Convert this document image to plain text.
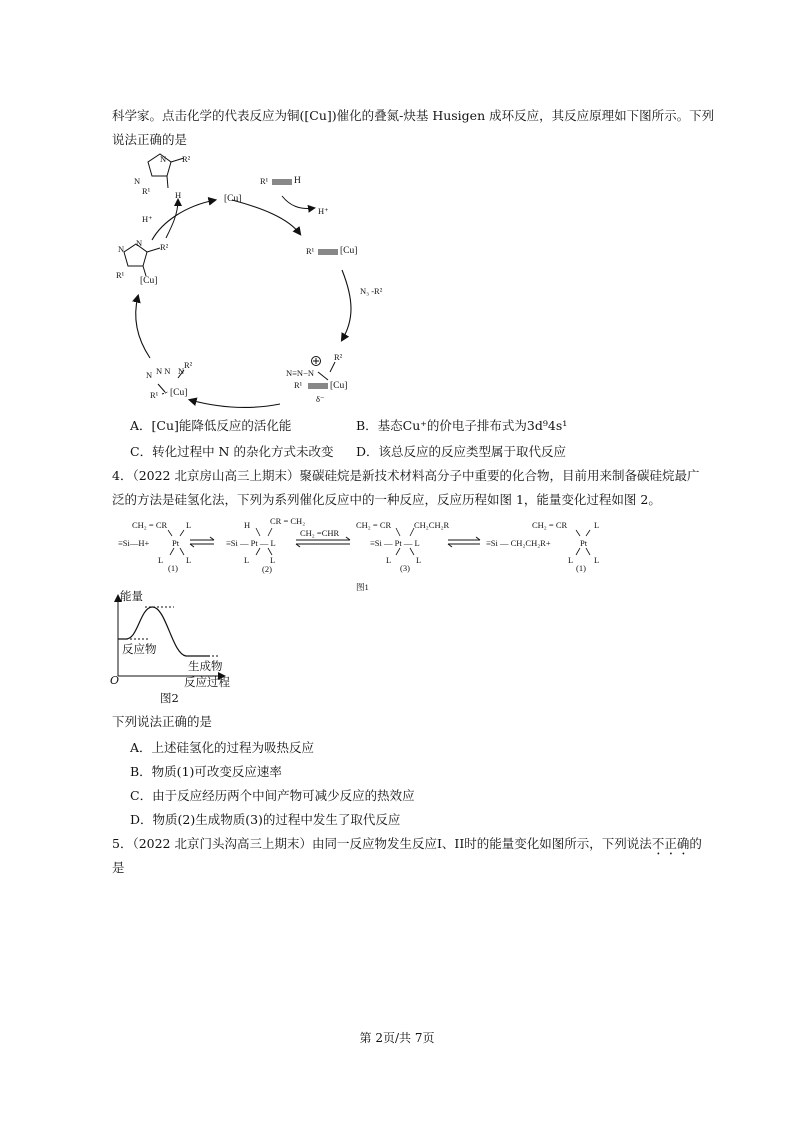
科学家。点击化学的代表反应为铜([Cu])催化的叠氮-炔基 Husigen 成环反应，其反应原理如下图所示。下列
说法正确的是
N
N
R²
R¹	H	[Cu]
R¹	H
H⁺
H⁺
R¹	[Cu]
N₃ -R²
N
N R²
R¹
[Cu]
N≡N−N
R²
R¹	[Cu]
δ⁻
N N N N
R²
R¹ [Cu]
A．[Cu]能降低反应的活化能	B．基态Cu⁺的价电子排布式为3d⁹4s¹
C．转化过程中 N 的杂化方式未改变 D．该总反应的反应类型属于取代反应
4．（2022 北京房山高三上期末）聚碳硅烷是新技术材料高分子中重要的化合物，目前用来制备碳硅烷最广
泛的方法是硅氢化法，下列为系列催化反应中的一种反应，反应历程如图 1，能量变化过程如图 2。
CH₂ = CR L
≡Si—H+	Pt
L	L
(1)
H CR = CH₂
≡Si — Pt — L
L L
(2)
CH₂ =CHR
CH₂ = CR	CH₂CH₂R
≡Si — Pt — L
L	L
(3)
≡Si — CH₂CH₂R+
CH₂ = CR	L
Pt
L L
(1)
图1
能量
反应物
生成物
反应过程
O
图2
下列说法正确的是
A．上述硅氢化的过程为吸热反应
B．物质(1)可改变反应速率
C．由于反应经历两个中间产物可减少反应的热效应
D．物质(2)生成物质(3)的过程中发生了取代反应
5．（2022 北京门头沟高三上期末）由同一反应物发生反应I、II时的能量变化如图所示，下列说法不正确的
是
第 2页/共 7页
